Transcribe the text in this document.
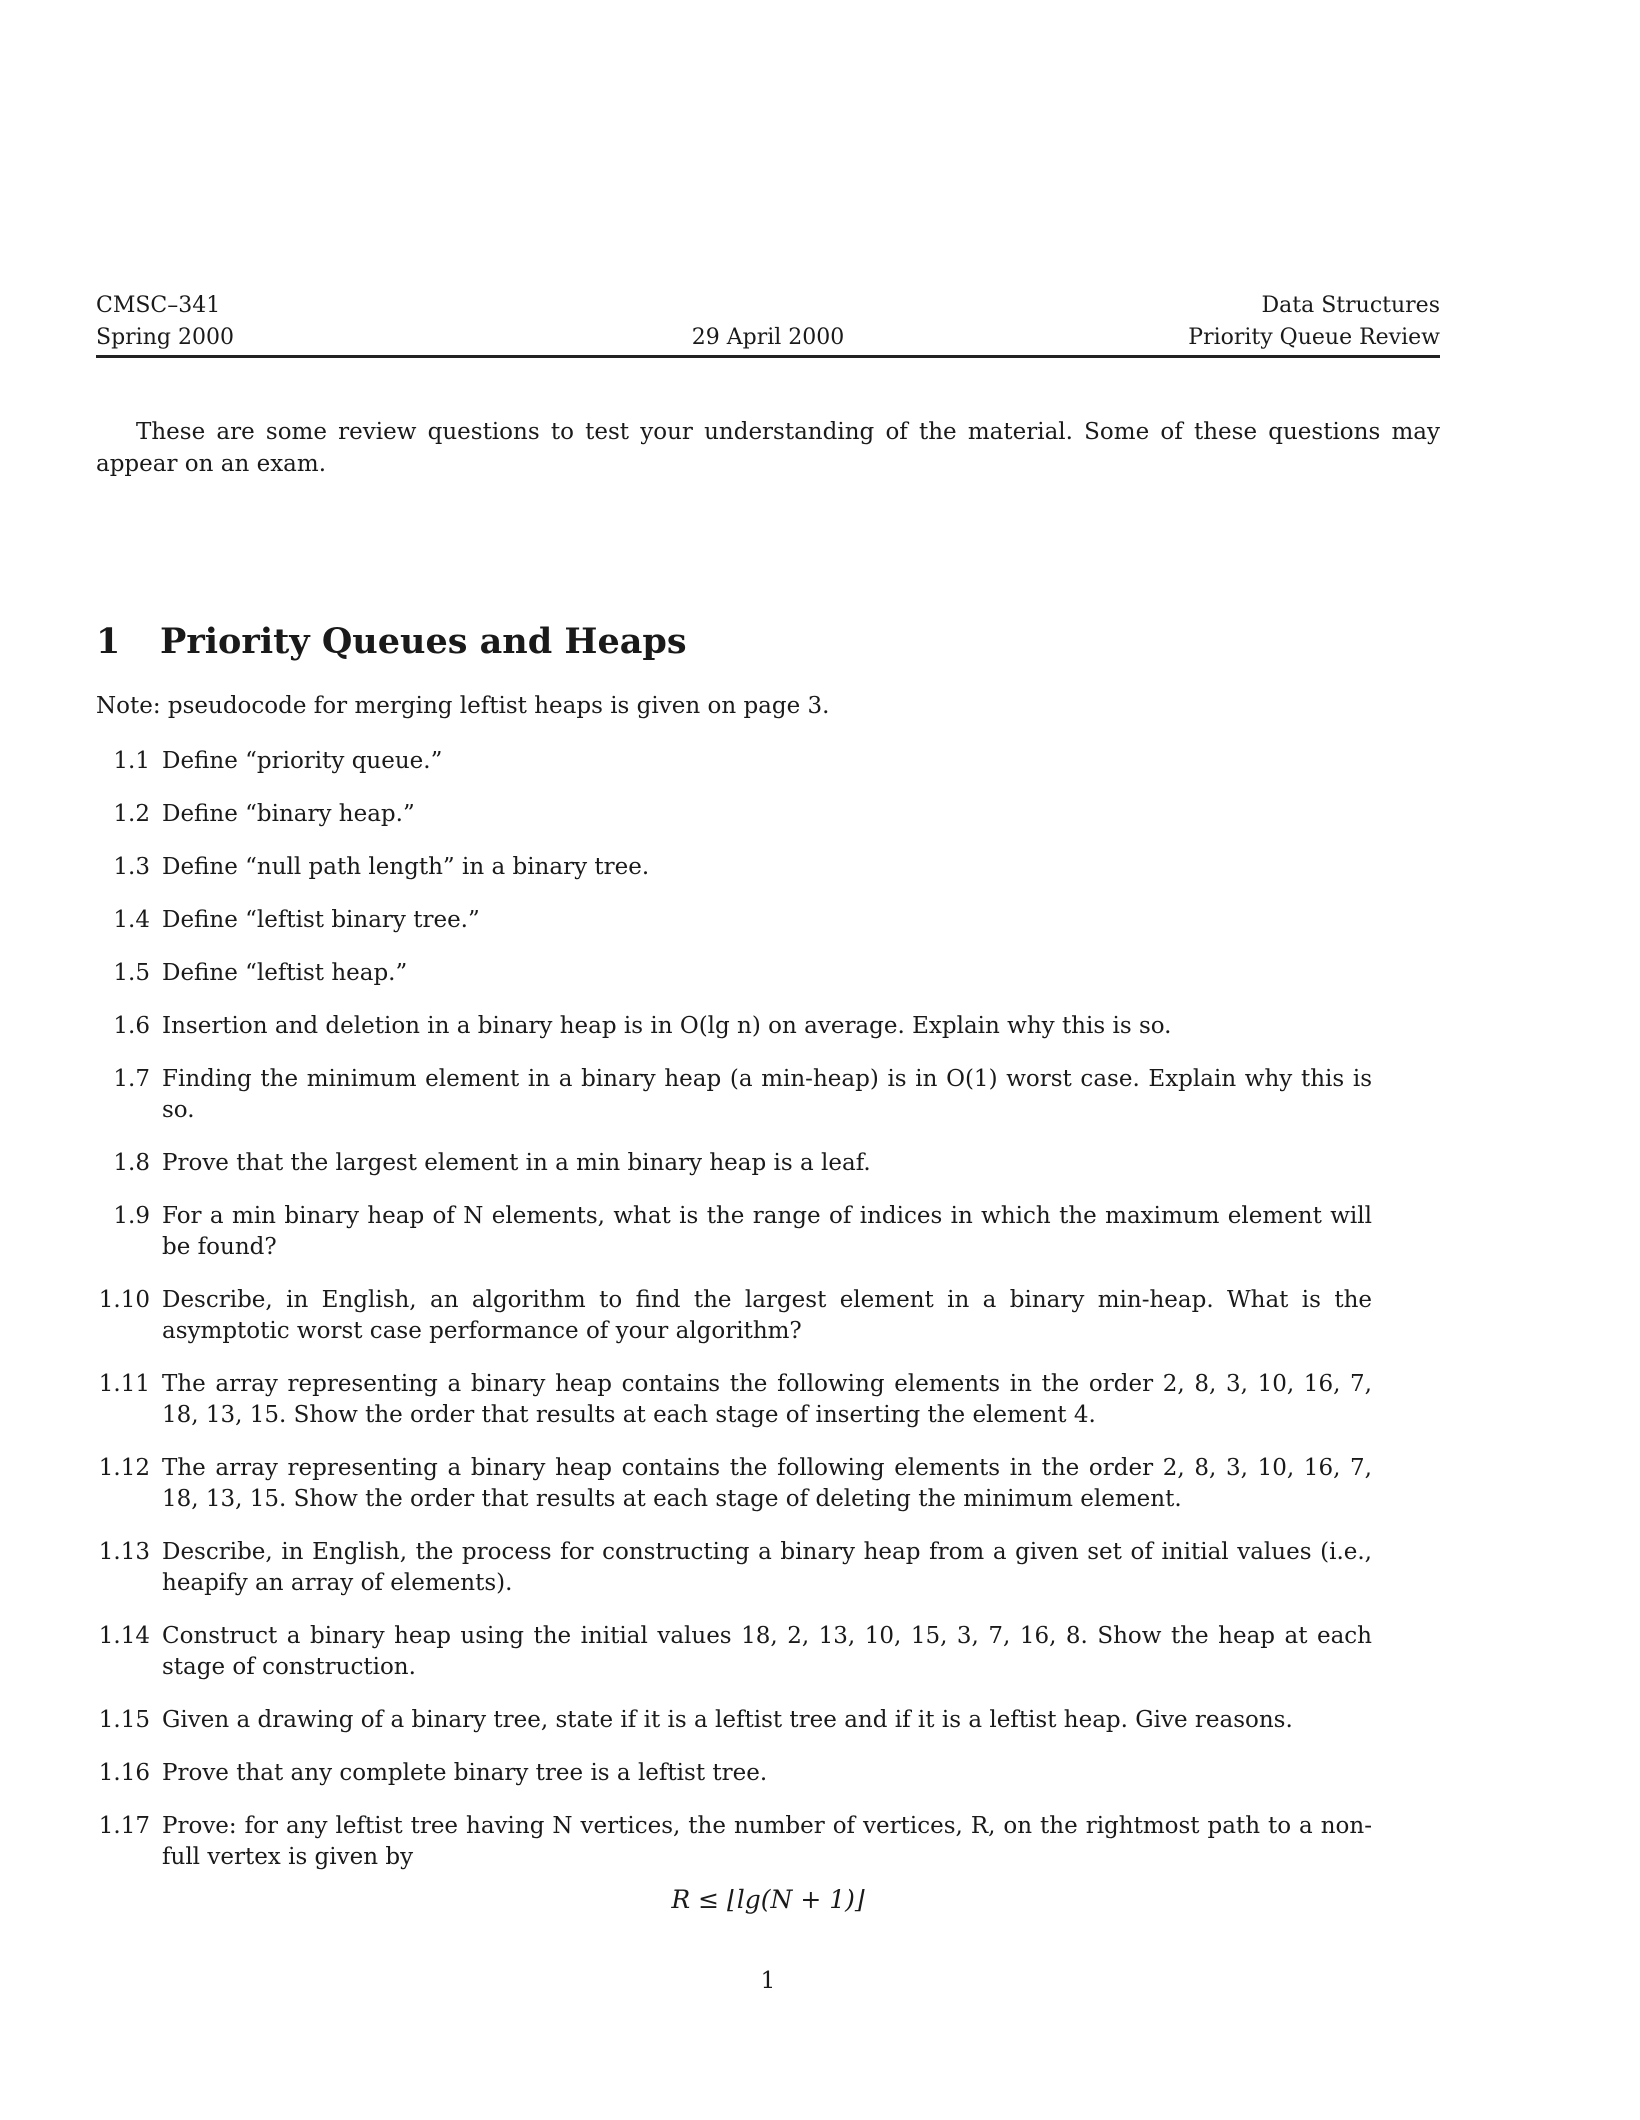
CMSC–341	Data Structures
Spring 2000	29 April 2000	Priority Queue Review
These are some review questions to test your understanding of the material. Some of these questions may appear on an exam.
1 Priority Queues and Heaps
Note: pseudocode for merging leftist heaps is given on page 3.
1.1 Define “priority queue.”
1.2 Define “binary heap.”
1.3 Define “null path length” in a binary tree.
1.4 Define “leftist binary tree.”
1.5 Define “leftist heap.”
1.6 Insertion and deletion in a binary heap is in O(lg n) on average. Explain why this is so.
1.7 Finding the minimum element in a binary heap (a min-heap) is in O(1) worst case. Explain why this is so.
1.8 Prove that the largest element in a min binary heap is a leaf.
1.9 For a min binary heap of N elements, what is the range of indices in which the maximum element will be found?
1.10 Describe, in English, an algorithm to find the largest element in a binary min-heap. What is the asymptotic worst case performance of your algorithm?
1.11 The array representing a binary heap contains the following elements in the order 2, 8, 3, 10, 16, 7, 18, 13, 15. Show the order that results at each stage of inserting the element 4.
1.12 The array representing a binary heap contains the following elements in the order 2, 8, 3, 10, 16, 7, 18, 13, 15. Show the order that results at each stage of deleting the minimum element.
1.13 Describe, in English, the process for constructing a binary heap from a given set of initial values (i.e., heapify an array of elements).
1.14 Construct a binary heap using the initial values 18, 2, 13, 10, 15, 3, 7, 16, 8. Show the heap at each stage of construction.
1.15 Given a drawing of a binary tree, state if it is a leftist tree and if it is a leftist heap. Give reasons.
1.16 Prove that any complete binary tree is a leftist tree.
1.17 Prove: for any leftist tree having N vertices, the number of vertices, R, on the rightmost path to a non-full vertex is given by
R ≤ ⌊lg(N + 1)⌋
1
